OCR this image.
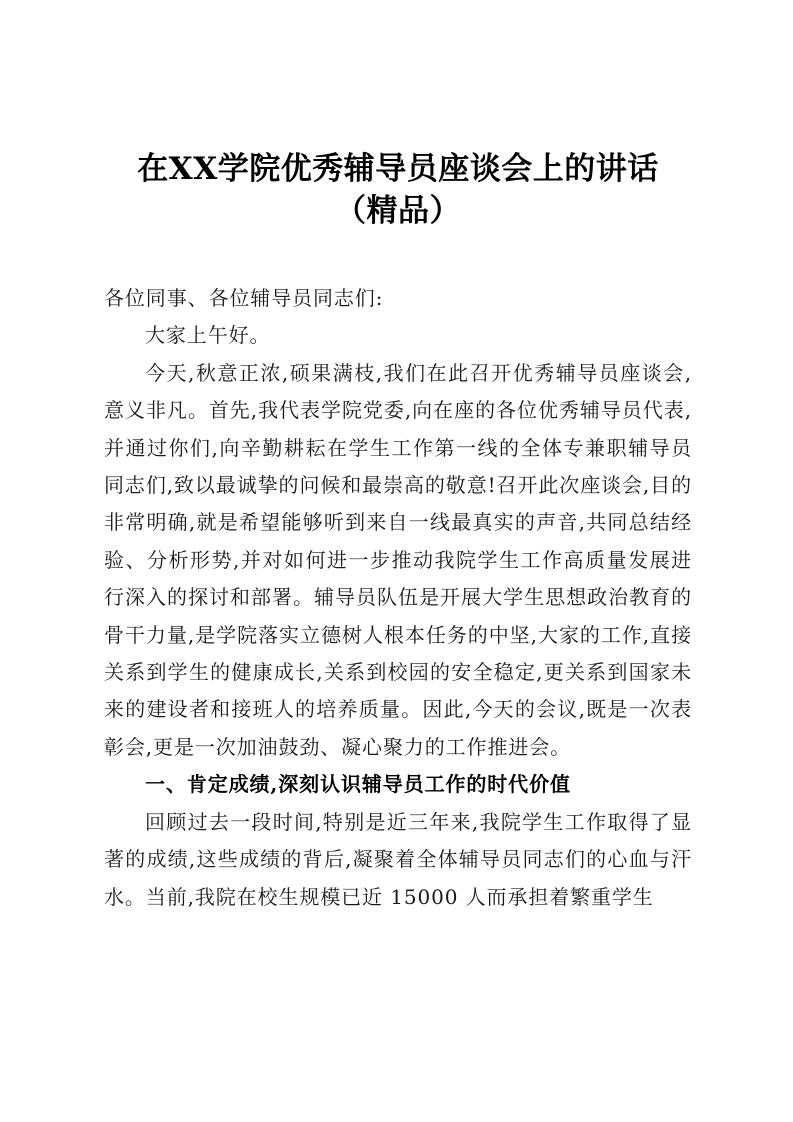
在XX学院优秀辅导员座谈会上的讲话
（精品）

各位同事、各位辅导员同志们:

大家上午好。

今天,秋意正浓,硕果满枝,我们在此召开优秀辅导员座谈会,意义非凡。首先,我代表学院党委,向在座的各位优秀辅导员代表,并通过你们,向辛勤耕耘在学生工作第一线的全体专兼职辅导员同志们,致以最诚挚的问候和最崇高的敬意!召开此次座谈会,目的非常明确,就是希望能够听到来自一线最真实的声音,共同总结经验、分析形势,并对如何进一步推动我院学生工作高质量发展进行深入的探讨和部署。辅导员队伍是开展大学生思想政治教育的骨干力量,是学院落实立德树人根本任务的中坚,大家的工作,直接关系到学生的健康成长,关系到校园的安全稳定,更关系到国家未来的建设者和接班人的培养质量。因此,今天的会议,既是一次表彰会,更是一次加油鼓劲、凝心聚力的工作推进会。

一、肯定成绩,深刻认识辅导员工作的时代价值

回顾过去一段时间,特别是近三年来,我院学生工作取得了显著的成绩,这些成绩的背后,凝聚着全体辅导员同志们的心血与汗水。当前,我院在校生规模已近 15000 人而承担着繁重学生
